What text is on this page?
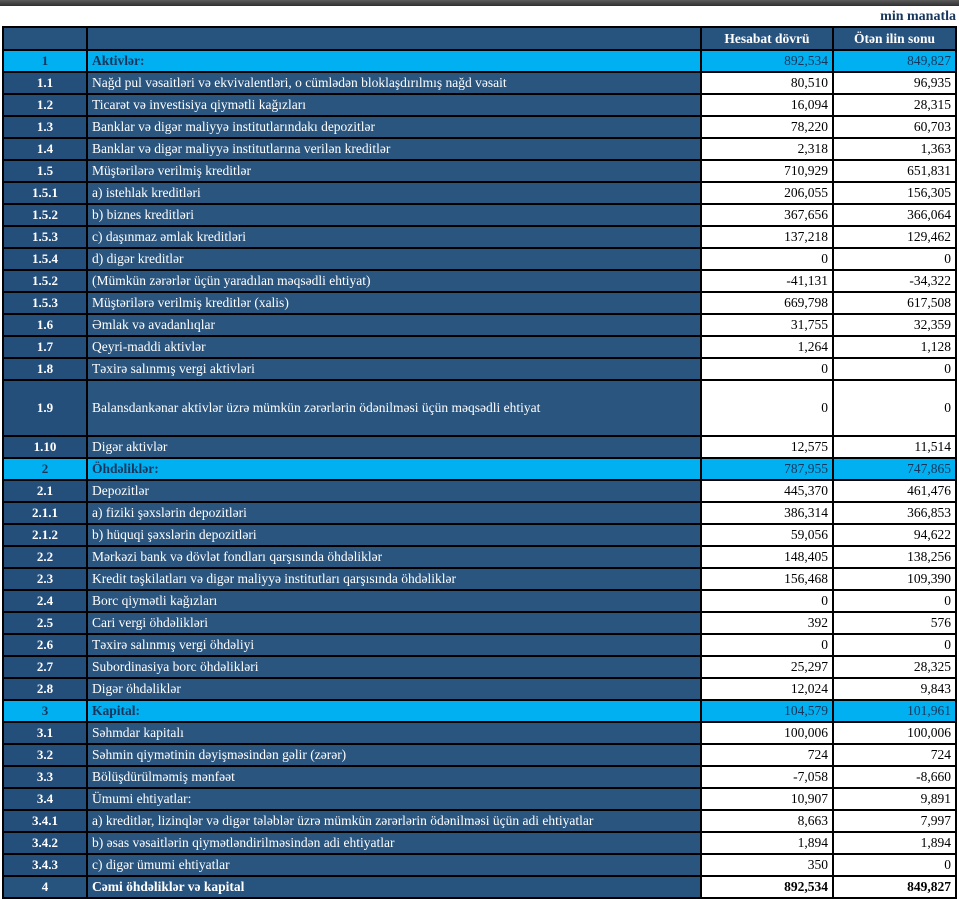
min manatla
		Hesabat dövrü	Ötən ilin sonu
1	Aktivlər:	892,534	849,827
1.1	Nağd pul vəsaitləri və ekvivalentləri, o cümlədən bloklaşdırılmış nağd vəsait	80,510	96,935
1.2	Ticarət və investisiya qiymətli kağızları	16,094	28,315
1.3	Banklar və digər maliyyə institutlarındakı depozitlər	78,220	60,703
1.4	Banklar və digər maliyyə institutlarına verilən kreditlər	2,318	1,363
1.5	Müştərilərə verilmiş kreditlər	710,929	651,831
1.5.1	a) istehlak kreditləri	206,055	156,305
1.5.2	b) biznes kreditləri	367,656	366,064
1.5.3	c) daşınmaz əmlak kreditləri	137,218	129,462
1.5.4	d) digər kreditlər	0	0
1.5.2	(Mümkün zərərlər üçün yaradılan məqsədli ehtiyat)	-41,131	-34,322
1.5.3	Müştərilərə verilmiş kreditlər (xalis)	669,798	617,508
1.6	Əmlak və avadanlıqlar	31,755	32,359
1.7	Qeyri-maddi aktivlər	1,264	1,128
1.8	Təxirə salınmış vergi aktivləri	0	0
1.9	Balansdankənar aktivlər üzrə mümkün zərərlərin ödənilməsi üçün məqsədli ehtiyat	0	0
1.10	Digər aktivlər	12,575	11,514
2	Öhdəliklər:	787,955	747,865
2.1	Depozitlər	445,370	461,476
2.1.1	a) fiziki şəxslərin depozitləri	386,314	366,853
2.1.2	b) hüquqi şəxslərin depozitləri	59,056	94,622
2.2	Mərkəzi bank və dövlət fondları qarşısında öhdəliklər	148,405	138,256
2.3	Kredit təşkilatları və digər maliyyə institutları qarşısında öhdəliklər	156,468	109,390
2.4	Borc qiymətli kağızları	0	0
2.5	Cari vergi öhdəlikləri	392	576
2.6	Təxirə salınmış vergi öhdəliyi	0	0
2.7	Subordinasiya borc öhdəlikləri	25,297	28,325
2.8	Digər öhdəliklər	12,024	9,843
3	Kapital:	104,579	101,961
3.1	Səhmdar kapitalı	100,006	100,006
3.2	Səhmin qiymətinin dəyişməsindən gəlir (zərər)	724	724
3.3	Bölüşdürülməmiş mənfəət	-7,058	-8,660
3.4	Ümumi ehtiyatlar:	10,907	9,891
3.4.1	a) kreditlər, lizinqlər və digər tələblər üzrə mümkün zərərlərin ödənilməsi üçün adi ehtiyatlar	8,663	7,997
3.4.2	b) əsas vəsaitlərin qiymətləndirilməsindən adi ehtiyatlar	1,894	1,894
3.4.3	c) digər ümumi ehtiyatlar	350	0
4	Cəmi öhdəliklər və kapital	892,534	849,827
